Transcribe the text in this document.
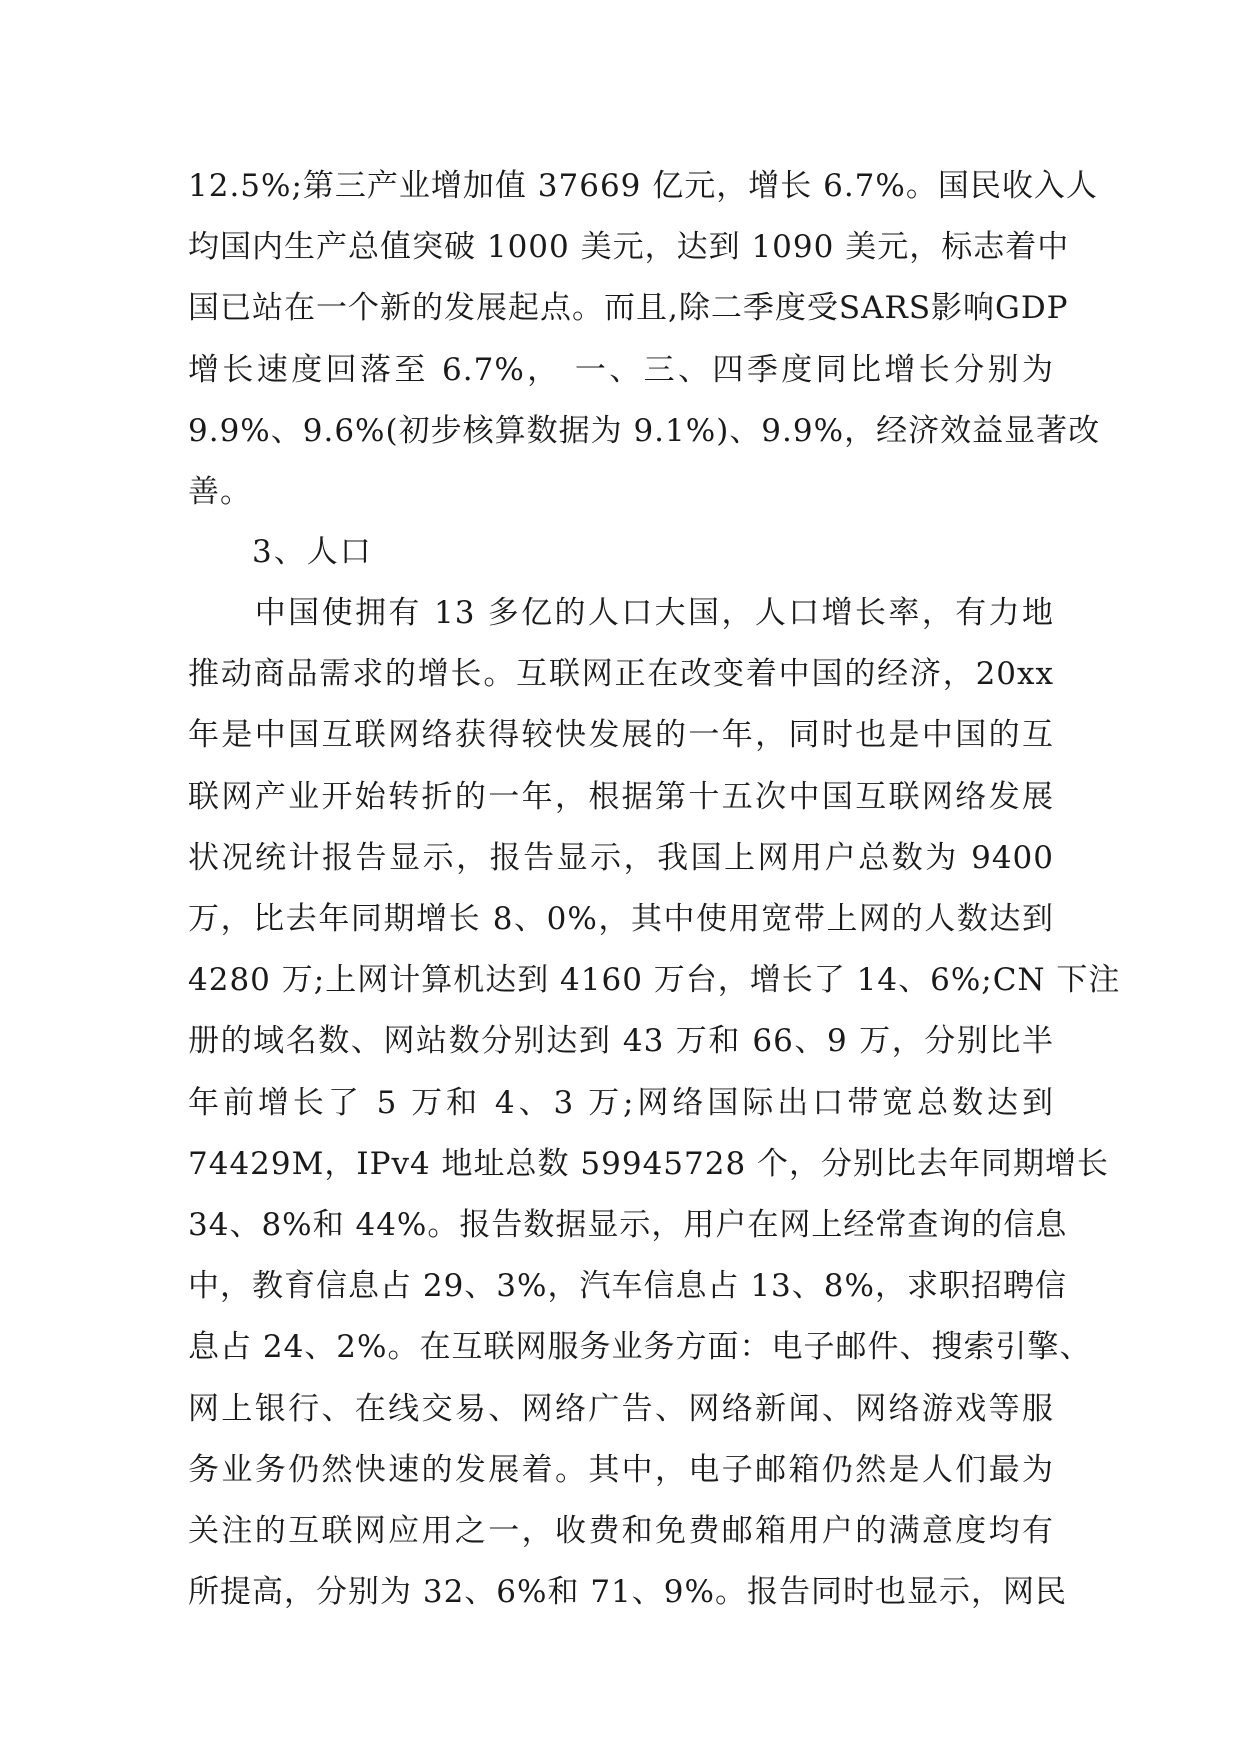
12.5%;第三产业增加值 37669 亿元，增长 6.7%。国民收入人
均国内生产总值突破 1000 美元，达到 1090 美元，标志着中
国已站在一个新的发展起点。而且,除二季度受SARS影响GDP
增长速度回落至 6.7%， 一、三、四季度同比增长分别为
9.9%、9.6%(初步核算数据为 9.1%)、9.9%，经济效益显著改
善。
3、人口
　　中国使拥有 13 多亿的人口大国，人口增长率，有力地
推动商品需求的增长。互联网正在改变着中国的经济，20xx
年是中国互联网络获得较快发展的一年，同时也是中国的互
联网产业开始转折的一年，根据第十五次中国互联网络发展
状况统计报告显示，报告显示，我国上网用户总数为 9400
万，比去年同期增长 8、0%，其中使用宽带上网的人数达到
4280 万;上网计算机达到 4160 万台，增长了 14、6%;CN 下注
册的域名数、网站数分别达到 43 万和 66、9 万，分别比半
年前增长了 5 万和 4、3 万;网络国际出口带宽总数达到
74429M，IPv4 地址总数 59945728 个，分别比去年同期增长
34、8%和 44%。报告数据显示，用户在网上经常查询的信息
中，教育信息占 29、3%，汽车信息占 13、8%，求职招聘信
息占 24、2%。在互联网服务业务方面：电子邮件、搜索引擎、
网上银行、在线交易、网络广告、网络新闻、网络游戏等服
务业务仍然快速的发展着。其中，电子邮箱仍然是人们最为
关注的互联网应用之一，收费和免费邮箱用户的满意度均有
所提高，分别为 32、6%和 71、9%。报告同时也显示，网民
